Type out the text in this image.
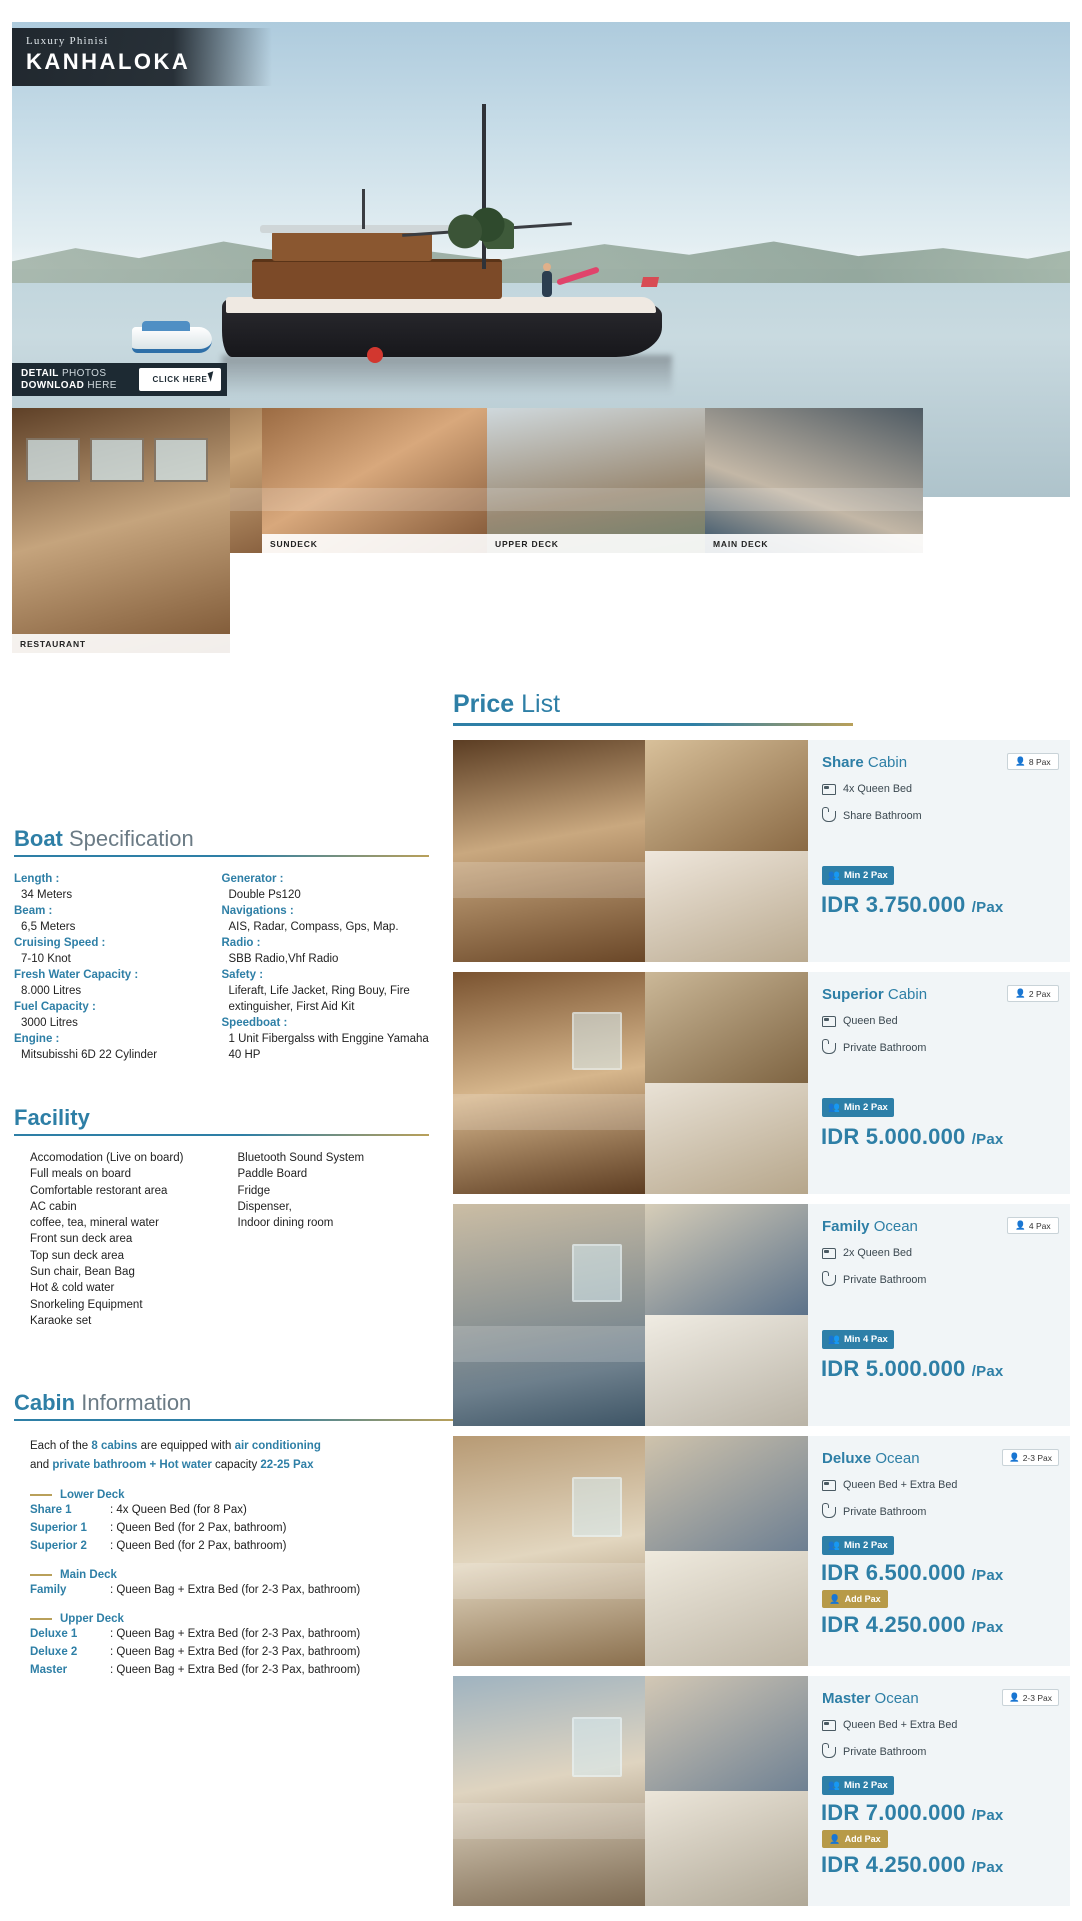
Luxury Phinisi
KANHALOKA
DETAIL PHOTOS
DOWNLOAD HERE	CLICK HERE
SUNDECK	UPPER DECK	MAIN DECK
RESTAURANT
Boat Specification
Length :
34 Meters
Beam :
6,5 Meters
Cruising Speed :
7-10 Knot
Fresh Water Capacity :
8.000 Litres
Fuel Capacity :
3000 Litres
Engine :
Mitsubisshi 6D 22 Cylinder
Generator :
Double Ps120
Navigations :
AIS, Radar, Compass, Gps, Map.
Radio :
SBB Radio,Vhf Radio
Safety :
Liferaft, Life Jacket, Ring Bouy, Fire extinguisher, First Aid Kit
Speedboat :
1 Unit Fibergalss with Enggine Yamaha 40 HP
Facility
Accomodation (Live on board)
Full meals on board
Comfortable restorant area
AC cabin
coffee, tea, mineral water
Front sun deck area
Top sun deck area
Sun chair, Bean Bag
Hot & cold water
Snorkeling Equipment
Karaoke set
Bluetooth Sound System
Paddle Board
Fridge
Dispenser,
Indoor dining room
Cabin Information
Each of the 8 cabins are equipped with air conditioning
and private bathroom + Hot water capacity 22-25 Pax
Lower Deck
Share 1	: 4x Queen Bed (for 8 Pax)
Superior 1	: Queen Bed (for 2 Pax, bathroom)
Superior 2	: Queen Bed (for 2 Pax, bathroom)
Main Deck
Family	: Queen Bag + Extra Bed (for 2-3 Pax, bathroom)
Upper Deck
Deluxe 1	: Queen Bag + Extra Bed (for 2-3 Pax, bathroom)
Deluxe 2	: Queen Bag + Extra Bed (for 2-3 Pax, bathroom)
Master	: Queen Bag + Extra Bed (for 2-3 Pax, bathroom)
Price List
Share Cabin	👤 8 Pax
4x Queen Bed
Share Bathroom
👥 Min 2 Pax
IDR 3.750.000 /Pax
Superior Cabin	👤 2 Pax
Queen Bed
Private Bathroom
👥 Min 2 Pax
IDR 5.000.000 /Pax
Family Ocean	👤 4 Pax
2x Queen Bed
Private Bathroom
👥 Min 4 Pax
IDR 5.000.000 /Pax
Deluxe Ocean	👤 2-3 Pax
Queen Bed + Extra Bed
Private Bathroom
👥 Min 2 Pax
IDR 6.500.000 /Pax
👤 Add Pax
IDR 4.250.000 /Pax
Master Ocean	👤 2-3 Pax
Queen Bed + Extra Bed
Private Bathroom
👥 Min 2 Pax
IDR 7.000.000 /Pax
👤 Add Pax
IDR 4.250.000 /Pax
